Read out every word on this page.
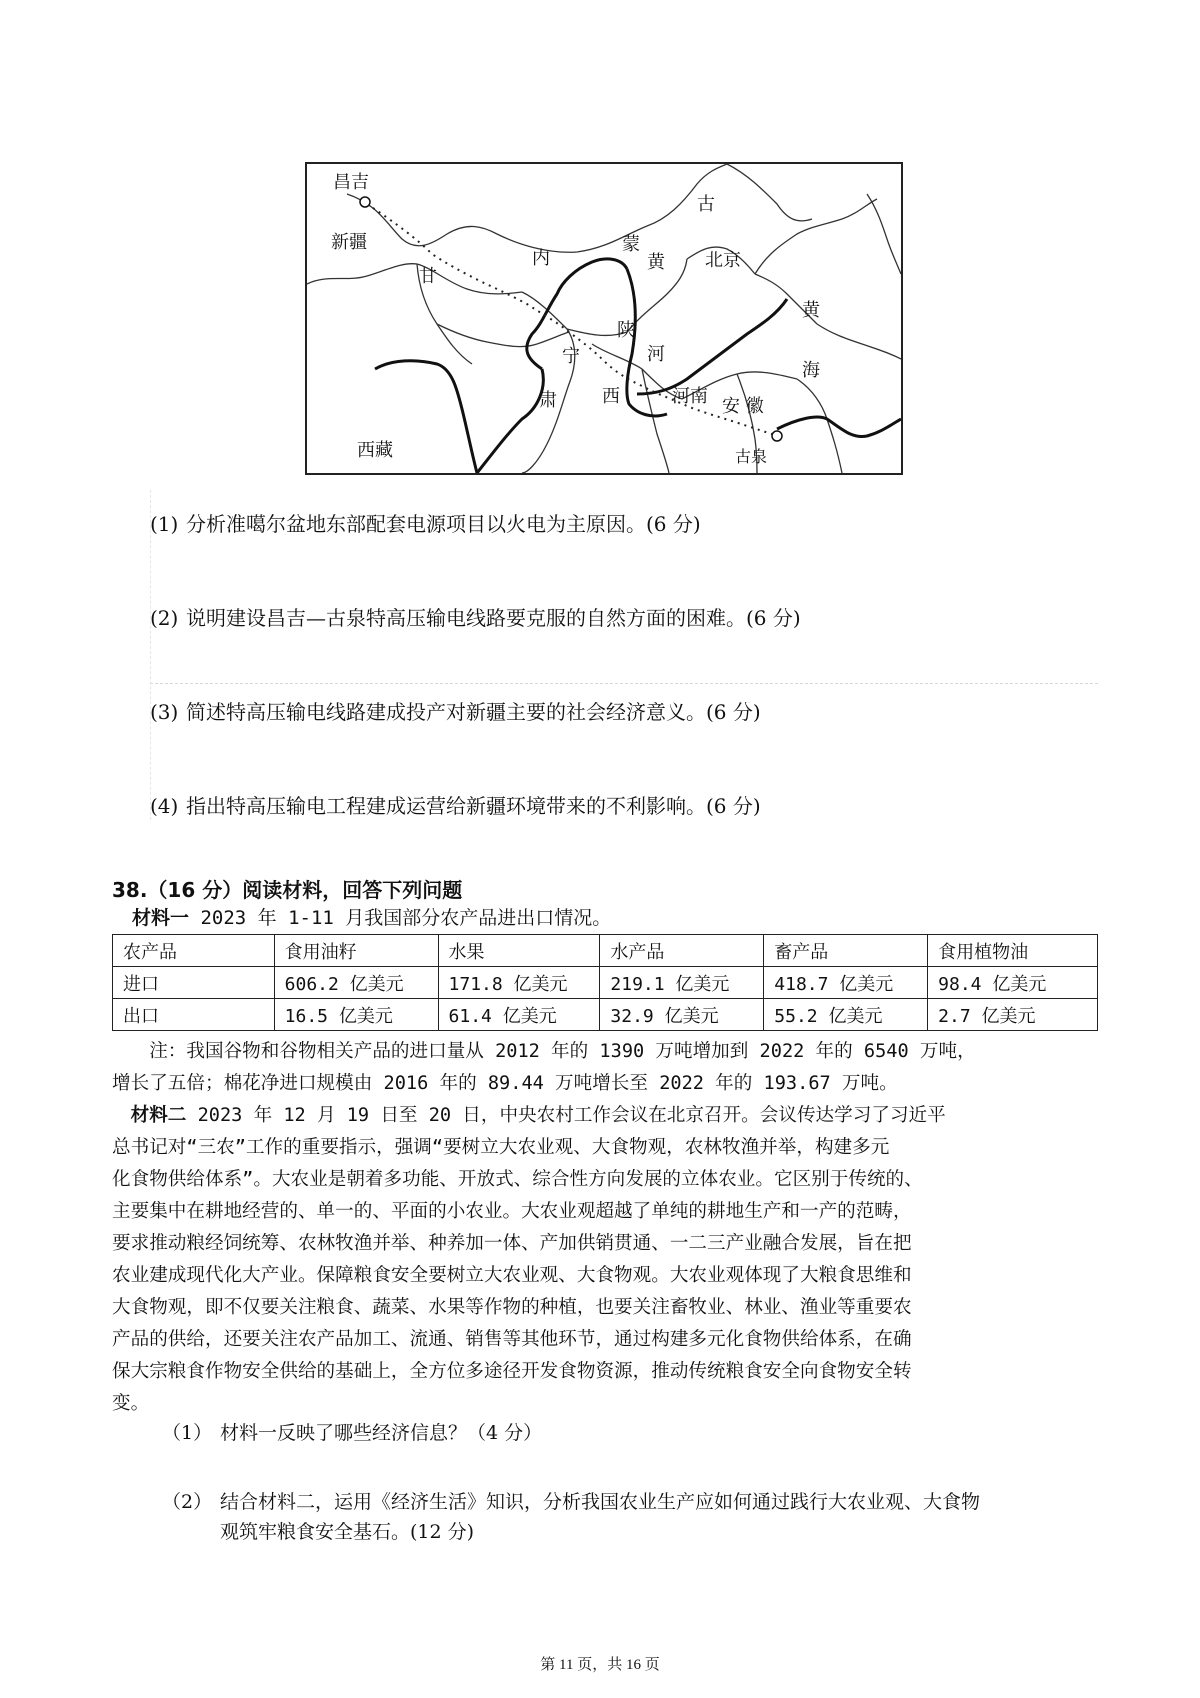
昌吉
新疆
甘
内
蒙
古
黄 北京
黄
宁
陕
河
海
肃	西	河南 安 徽
西藏	古泉
(1) 分析准噶尔盆地东部配套电源项目以火电为主原因。(6 分)
(2) 说明建设昌吉—古泉特高压输电线路要克服的自然方面的困难。(6 分)
(3) 简述特高压输电线路建成投产对新疆主要的社会经济意义。(6 分)
(4) 指出特高压输电工程建成运营给新疆环境带来的不利影响。(6 分)
38.（16 分）阅读材料，回答下列问题
材料一 2023 年 1-11 月我国部分农产品进出口情况。
农产品	食用油籽	水果	水产品	畜产品	食用植物油
进口	606.2 亿美元	171.8 亿美元	219.1 亿美元	418.7 亿美元	98.4 亿美元
出口	16.5 亿美元	61.4 亿美元	32.9 亿美元	55.2 亿美元	2.7 亿美元
　　注：我国谷物和谷物相关产品的进口量从 2012 年的 1390 万吨增加到 2022 年的 6540 万吨，
增长了五倍；棉花净进口规模由 2016 年的 89.44 万吨增长至 2022 年的 193.67 万吨。
　材料二 2023 年 12 月 19 日至 20 日，中央农村工作会议在北京召开。会议传达学习了习近平
总书记对“三农”工作的重要指示，强调“要树立大农业观、大食物观，农林牧渔并举，构建多元
化食物供给体系”。大农业是朝着多功能、开放式、综合性方向发展的立体农业。它区别于传统的、
主要集中在耕地经营的、单一的、平面的小农业。大农业观超越了单纯的耕地生产和一产的范畴，
要求推动粮经饲统筹、农林牧渔并举、种养加一体、产加供销贯通、一二三产业融合发展，旨在把
农业建成现代化大产业。保障粮食安全要树立大农业观、大食物观。大农业观体现了大粮食思维和
大食物观，即不仅要关注粮食、蔬菜、水果等作物的种植，也要关注畜牧业、林业、渔业等重要农
产品的供给，还要关注农产品加工、流通、销售等其他环节，通过构建多元化食物供给体系，在确
保大宗粮食作物安全供给的基础上，全方位多途径开发食物资源，推动传统粮食安全向食物安全转
变。
（1） 材料一反映了哪些经济信息？（4 分）
（2） 结合材料二，运用《经济生活》知识，分析我国农业生产应如何通过践行大农业观、大食物
观筑牢粮食安全基石。(12 分)
第 11 页，共 16 页
